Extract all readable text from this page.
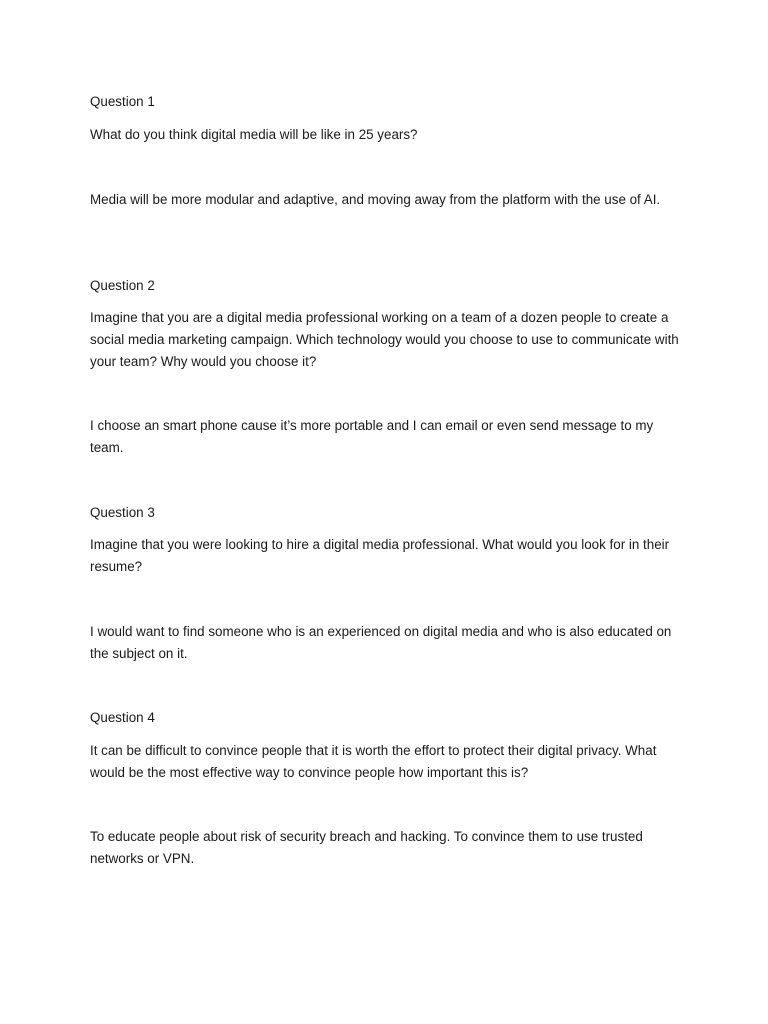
Question 1
What do you think digital media will be like in 25 years?
Media will be more modular and adaptive, and moving away from the platform with the use of AI.
Question 2
Imagine that you are a digital media professional working on a team of a dozen people to create a social media marketing campaign. Which technology would you choose to use to communicate with your team? Why would you choose it?
I choose an smart phone cause it’s more portable and I can email or even send message to my team.
Question 3
Imagine that you were looking to hire a digital media professional. What would you look for in their resume?
I would want to find someone who is an experienced on digital media and who is also educated on the subject on it.
Question 4
It can be difficult to convince people that it is worth the effort to protect their digital privacy. What would be the most effective way to convince people how important this is?
To educate people about risk of security breach and hacking. To convince them to use trusted networks or VPN.
